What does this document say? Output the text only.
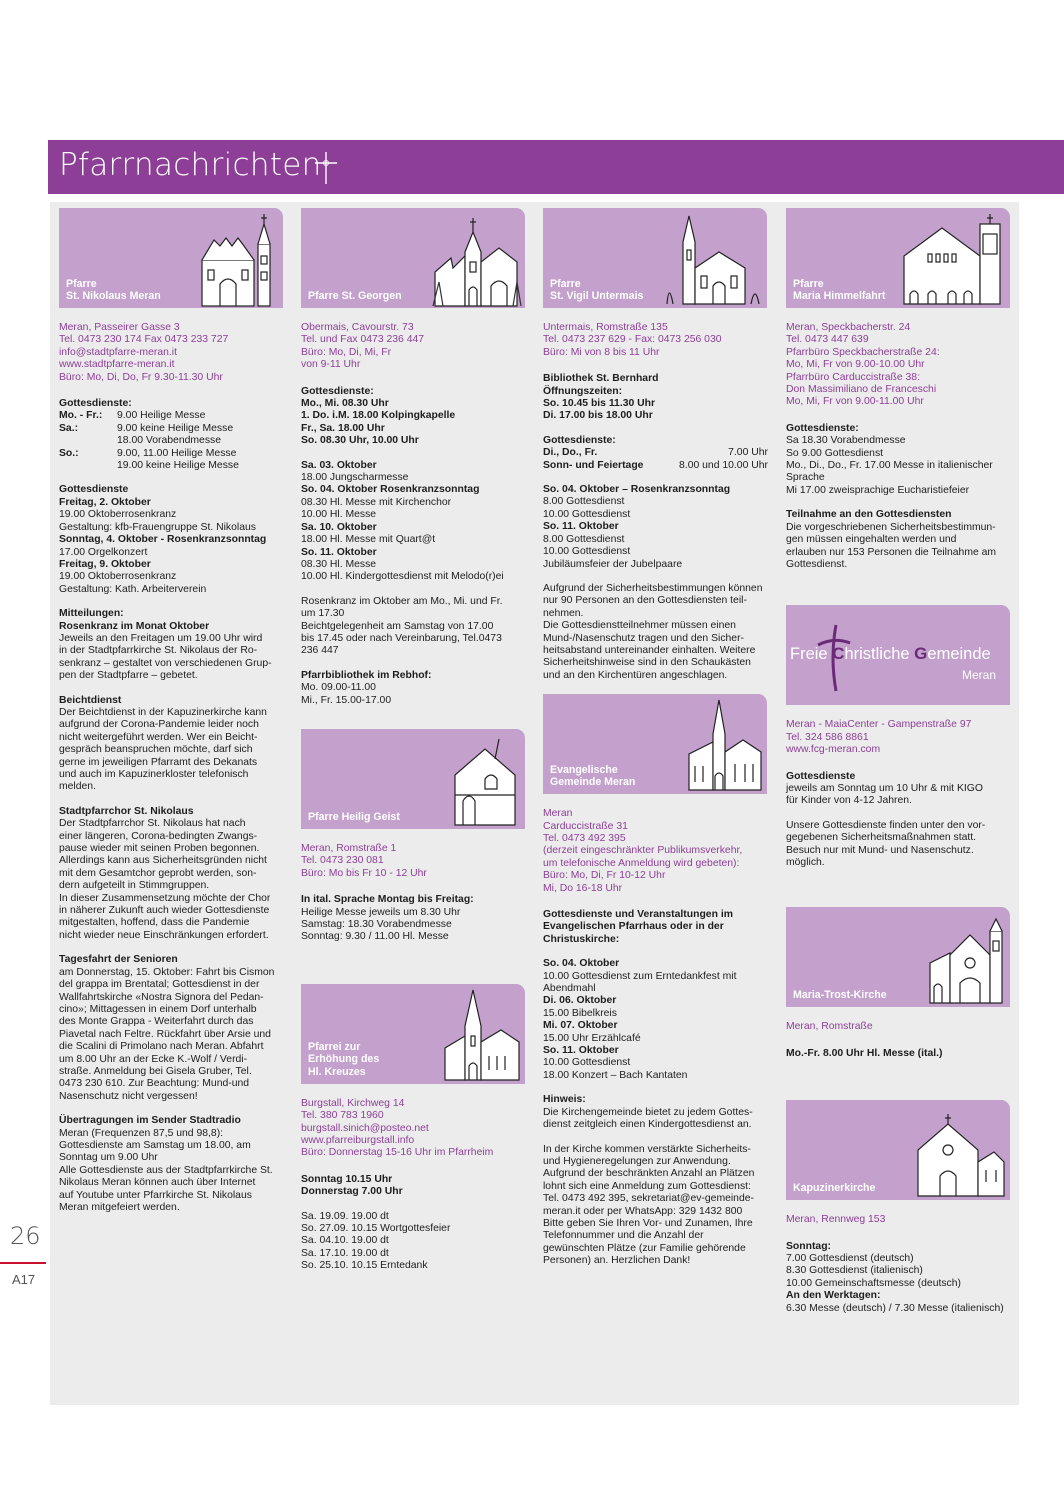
Pfarrnachrichten
26
A17
Pfarre
St. Nikolaus Meran
Meran, Passeirer Gasse 3
Tel. 0473 230 174 Fax 0473 233 727
info@stadtpfarre-meran.it
www.stadtpfarre-meran.it
Büro: Mo, Di, Do, Fr 9.30-11.30 Uhr
Gottesdienste:
Mo. - Fr.:	9.00 Heilige Messe
Sa.:	9.00 keine Heilige Messe
18.00 Vorabendmesse
So.:	9.00, 11.00 Heilige Messe
19.00 keine Heilige Messe
Gottesdienste
Freitag, 2. Oktober
19.00 Oktoberrosenkranz
Gestaltung: kfb-Frauengruppe St. Nikolaus
Sonntag, 4. Oktober - Rosenkranzsonntag
17.00 Orgelkonzert
Freitag, 9. Oktober
19.00 Oktoberrosenkranz
Gestaltung: Kath. Arbeiterverein
Mitteilungen:
Rosenkranz im Monat Oktober
Jeweils an den Freitagen um 19.00 Uhr wird
in der Stadtpfarrkirche St. Nikolaus der Ro-
senkranz – gestaltet von verschiedenen Grup-
pen der Stadtpfarre – gebetet.
Beichtdienst
Der Beichtdienst in der Kapuzinerkirche kann
aufgrund der Corona-Pandemie leider noch
nicht weitergeführt werden. Wer ein Beicht-
gespräch beanspruchen möchte, darf sich
gerne im jeweiligen Pfarramt des Dekanats
und auch im Kapuzinerkloster telefonisch
melden.
Stadtpfarrchor St. Nikolaus
Der Stadtpfarrchor St. Nikolaus hat nach
einer längeren, Corona-bedingten Zwangs-
pause wieder mit seinen Proben begonnen.
Allerdings kann aus Sicherheitsgründen nicht
mit dem Gesamtchor geprobt werden, son-
dern aufgeteilt in Stimmgruppen.
In dieser Zusammensetzung möchte der Chor
in näherer Zukunft auch wieder Gottesdienste
mitgestalten, hoffend, dass die Pandemie
nicht wieder neue Einschränkungen erfordert.
Tagesfahrt der Senioren
am Donnerstag, 15. Oktober: Fahrt bis Cismon
del grappa im Brentatal; Gottesdienst in der
Wallfahrtskirche «Nostra Signora del Pedan-
cino»; Mittagessen in einem Dorf unterhalb
des Monte Grappa - Weiterfahrt durch das
Piavetal nach Feltre. Rückfahrt über Arsie und
die Scalini di Primolano nach Meran. Abfahrt
um 8.00 Uhr an der Ecke K.-Wolf / Verdi-
straße. Anmeldung bei Gisela Gruber, Tel.
0473 230 610. Zur Beachtung: Mund-und
Nasenschutz nicht vergessen!
Übertragungen im Sender Stadtradio
Meran (Frequenzen 87,5 und 98,8):
Gottesdienste am Samstag um 18.00, am
Sonntag um 9.00 Uhr
Alle Gottesdienste aus der Stadtpfarrkirche St.
Nikolaus Meran können auch über Internet
auf Youtube unter Pfarrkirche St. Nikolaus
Meran mitgefeiert werden.
Pfarre St. Georgen
Obermais, Cavourstr. 73
Tel. und Fax 0473 236 447
Büro: Mo, Di, Mi, Fr
von 9-11 Uhr
Gottesdienste:
Mo., Mi. 08.30 Uhr
1. Do. i.M. 18.00 Kolpingkapelle
Fr., Sa. 18.00 Uhr
So. 08.30 Uhr, 10.00 Uhr
Sa. 03. Oktober
18.00 Jungscharmesse
So. 04. Oktober Rosenkranzsonntag
08.30 Hl. Messe mit Kirchenchor
10.00 Hl. Messe
Sa. 10. Oktober
18.00 Hl. Messe mit Quart@t
So. 11. Oktober
08.30 Hl. Messe
10.00 Hl. Kindergottesdienst mit Melodo(r)ei
Rosenkranz im Oktober am Mo., Mi. und Fr.
um 17.30
Beichtgelegenheit am Samstag von 17.00
bis 17.45 oder nach Vereinbarung, Tel.0473
236 447
Pfarrbibliothek im Rebhof:
Mo. 09.00-11.00
Mi., Fr. 15.00-17.00
Pfarre Heilig Geist
Meran, Romstraße 1
Tel. 0473 230 081
Büro: Mo bis Fr 10 - 12 Uhr
In ital. Sprache Montag bis Freitag:
Heilige Messe jeweils um 8.30 Uhr
Samstag: 18.30 Vorabendmesse
Sonntag: 9.30 / 11.00 Hl. Messe
Pfarrei zur
Erhöhung des
Hl. Kreuzes
Burgstall, Kirchweg 14
Tel. 380 783 1960
burgstall.sinich@posteo.net
www.pfarreiburgstall.info
Büro: Donnerstag 15-16 Uhr im Pfarrheim
Sonntag 10.15 Uhr
Donnerstag 7.00 Uhr
Sa. 19.09. 19.00 dt
So. 27.09. 10.15 Wortgottesfeier
Sa. 04.10. 19.00 dt
Sa. 17.10. 19.00 dt
So. 25.10. 10.15 Erntedank
Pfarre
St. Vigil Untermais
Untermais, Romstraße 135
Tel. 0473 237 629 - Fax: 0473 256 030
Büro: Mi von 8 bis 11 Uhr
Bibliothek St. Bernhard
Öffnungszeiten:
So. 10.45 bis 11.30 Uhr
Di. 17.00 bis 18.00 Uhr
Gottesdienste:
Di., Do., Fr.	7.00 Uhr
Sonn- und Feiertage	8.00 und 10.00 Uhr
So. 04. Oktober – Rosenkranzsonntag
8.00 Gottesdienst
10.00 Gottesdienst
So. 11. Oktober
8.00 Gottesdienst
10.00 Gottesdienst
Jubiläumsfeier der Jubelpaare
Aufgrund der Sicherheitsbestimmungen können
nur 90 Personen an den Gottesdiensten teil-
nehmen.
Die Gottesdienstteilnehmer müssen einen
Mund-/Nasenschutz tragen und den Sicher-
heitsabstand untereinander einhalten. Weitere
Sicherheitshinweise sind in den Schaukästen
und an den Kirchentüren angeschlagen.
Evangelische
Gemeinde Meran
Meran
Carduccistraße 31
Tel. 0473 492 395
(derzeit eingeschränkter Publikumsverkehr,
um telefonische Anmeldung wird gebeten):
Büro: Mo, Di, Fr 10-12 Uhr
Mi, Do 16-18 Uhr
Gottesdienste und Veranstaltungen im
Evangelischen Pfarrhaus oder in der
Christuskirche:
So. 04. Oktober
10.00 Gottesdienst zum Erntedankfest mit
Abendmahl
Di. 06. Oktober
15.00 Bibelkreis
Mi. 07. Oktober
15.00 Uhr Erzählcafé
So. 11. Oktober
10.00 Gottesdienst
18.00 Konzert – Bach Kantaten
Hinweis:
Die Kirchengemeinde bietet zu jedem Gottes-
dienst zeitgleich einen Kindergottesdienst an.
In der Kirche kommen verstärkte Sicherheits-
und Hygieneregelungen zur Anwendung.
Aufgrund der beschränkten Anzahl an Plätzen
lohnt sich eine Anmeldung zum Gottesdienst:
Tel. 0473 492 395, sekretariat@ev-gemeinde-
meran.it oder per WhatsApp: 329 1432 800
Bitte geben Sie Ihren Vor- und Zunamen, Ihre
Telefonnummer und die Anzahl der
gewünschten Plätze (zur Familie gehörende
Personen) an. Herzlichen Dank!
Pfarre
Maria Himmelfahrt
Meran, Speckbacherstr. 24
Tel. 0473 447 639
Pfarrbüro Speckbacherstraße 24:
Mo, Mi, Fr von 9.00-10.00 Uhr
Pfarrbüro Carduccistraße 38:
Don Massimiliano de Franceschi
Mo, Mi, Fr von 9.00-11.00 Uhr
Gottesdienste:
Sa 18.30 Vorabendmesse
So 9.00 Gottesdienst
Mo., Di., Do., Fr. 17.00 Messe in italienischer
Sprache
Mi 17.00 zweisprachige Eucharistiefeier
Teilnahme an den Gottesdiensten
Die vorgeschriebenen Sicherheitsbestimmun-
gen müssen eingehalten werden und
erlauben nur 153 Personen die Teilnahme am
Gottesdienst.
Freie Christliche Gemeinde
Meran
Meran - MaiaCenter - Gampenstraße 97
Tel. 324 586 8861
www.fcg-meran.com
Gottesdienste
jeweils am Sonntag um 10 Uhr & mit KIGO
für Kinder von 4-12 Jahren.
Unsere Gottesdienste finden unter den vor-
gegebenen Sicherheitsmaßnahmen statt.
Besuch nur mit Mund- und Nasenschutz.
möglich.
Maria-Trost-Kirche
Meran, Romstraße
Mo.-Fr. 8.00 Uhr Hl. Messe (ital.)
Kapuzinerkirche
Meran, Rennweg 153
Sonntag:
7.00 Gottesdienst (deutsch)
8.30 Gottesdienst (italienisch)
10.00 Gemeinschaftsmesse (deutsch)
An den Werktagen:
6.30 Messe (deutsch) / 7.30 Messe (italienisch)
